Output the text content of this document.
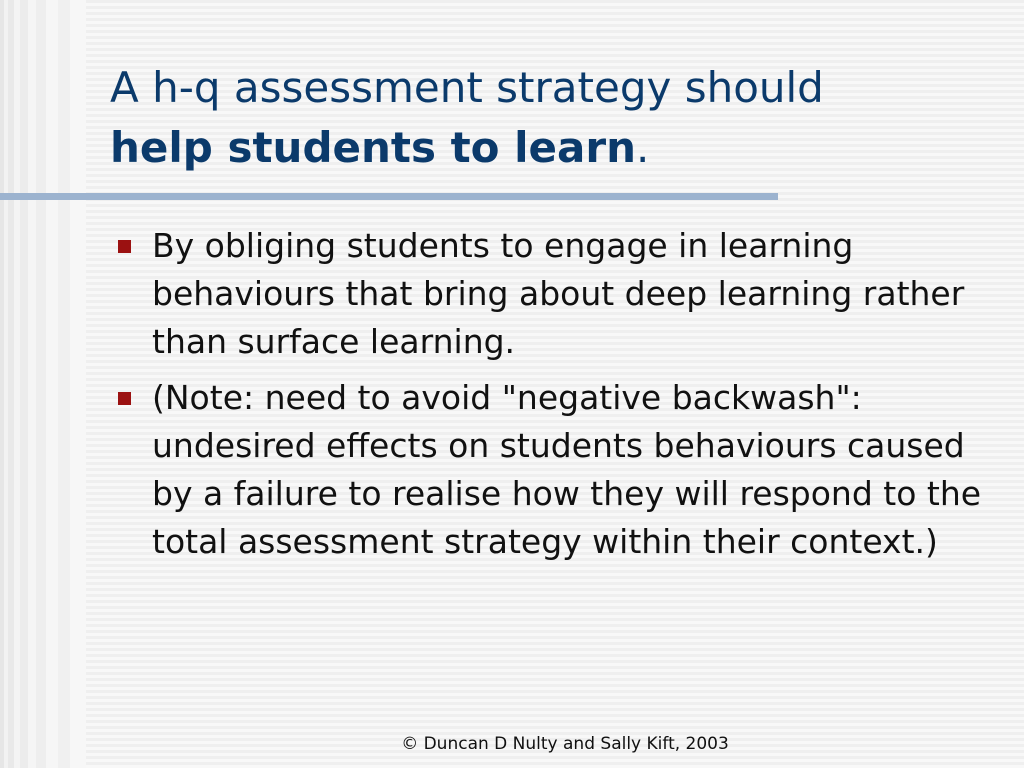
A h-q assessment strategy should
help students to learn.
By obliging students to engage in learning behaviours that bring about deep learning rather than surface learning.
(Note: need to avoid "negative backwash": undesired effects on students behaviours caused by a failure to realise how they will respond to the total assessment strategy within their context.)
© Duncan D Nulty and Sally Kift, 2003
